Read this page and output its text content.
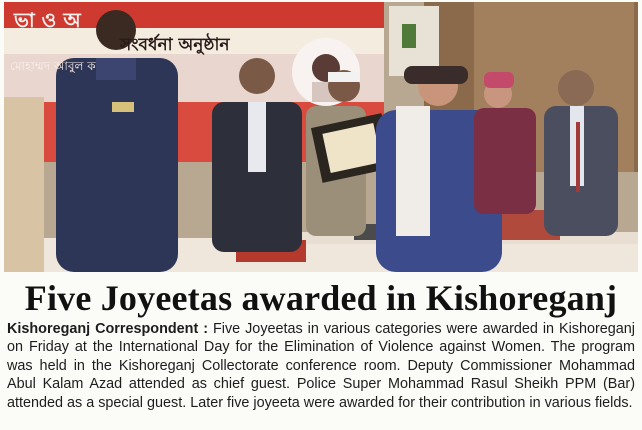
ভা ও অ
সংবর্ধনা অনুষ্ঠান
মোহাম্মদ আবুল ক
Five Joyeetas awarded in Kishoreganj
Kishoreganj Correspondent : Five Joyeetas in various categories were awarded in Kishoreganj on Friday at the International Day for the Elimination of Violence against Women. The program was held in the Kishoreganj Collectorate conference room. Deputy Commissioner Mohammad Abul Kalam Azad attended as chief guest. Police Super Mohammad Rasul Sheikh PPM (Bar) attended as a special guest. Later five joyeeta were awarded for their contribution in various fields.
